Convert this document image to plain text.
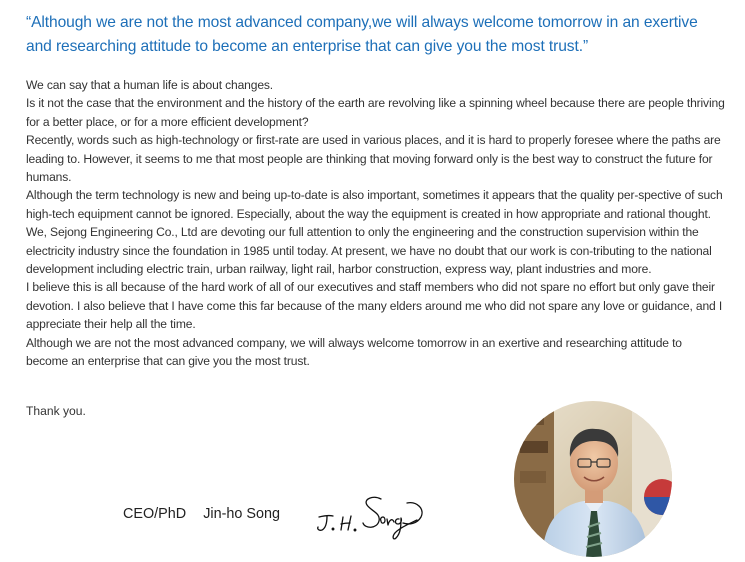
“Although we are not the most advanced company,we will always welcome tomorrow in an exertive
and researching attitude to become an enterprise that can give you the most trust.”

We can say that a human life is about changes.

Is it not the case that the environment and the history of the earth are revolving like a spinning wheel because there are people thriving for a better place, or for a more efficient development?

Recently, words such as high-technology or first-rate are used in various places, and it is hard to properly foresee where the paths are leading to. However, it seems to me that most people are thinking that moving forward only is the best way to construct the future for humans.

Although the term technology is new and being up-to-date is also important, sometimes it appears that the quality per-spective of such high-tech equipment cannot be ignored. Especially, about the way the equipment is created in how appropriate and rational thought.

We, Sejong Engineering Co., Ltd are devoting our full attention to only the engineering and the construction supervision within the electricity industry since the foundation in 1985 until today. At present, we have no doubt that our work is con-tributing to the national development including electric train, urban railway, light rail, harbor construction, express way, plant industries and more.

I believe this is all because of the hard work of all of our executives and staff members who did not spare no effort but only gave their devotion. I also believe that I have come this far because of the many elders around me who did not spare any love or guidance, and I appreciate their help all the time.

Although we are not the most advanced company, we will always welcome tomorrow in an exertive and researching attitude to become an enterprise that can give you the most trust.

Thank you.

CEO/PhD Jin-ho Song
